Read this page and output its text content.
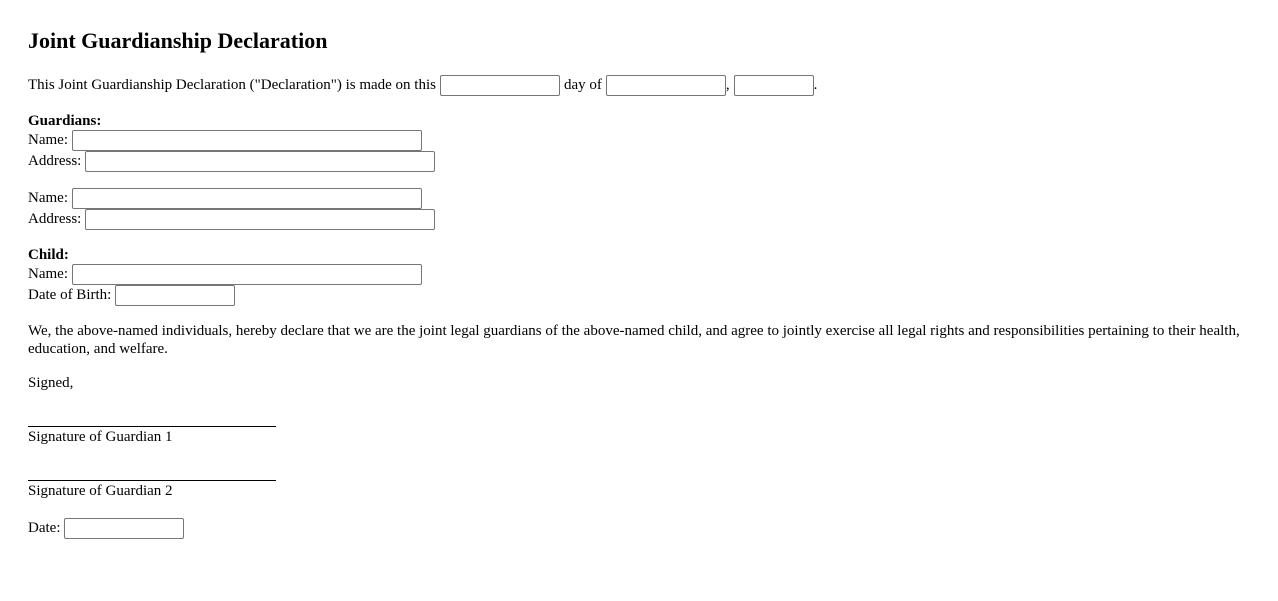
Joint Guardianship Declaration
This Joint Guardianship Declaration ("Declaration") is made on this	day of	,	.
Guardians:
Name:
Address:
Name:
Address:
Child:
Name:
Date of Birth:

We, the above-named individuals, hereby declare that we are the joint legal guardians of the above-named child, and agree to jointly exercise all legal rights and responsibilities pertaining to their health, education, and welfare.

Signed,
Signature of Guardian 1
Signature of Guardian 2
Date:
